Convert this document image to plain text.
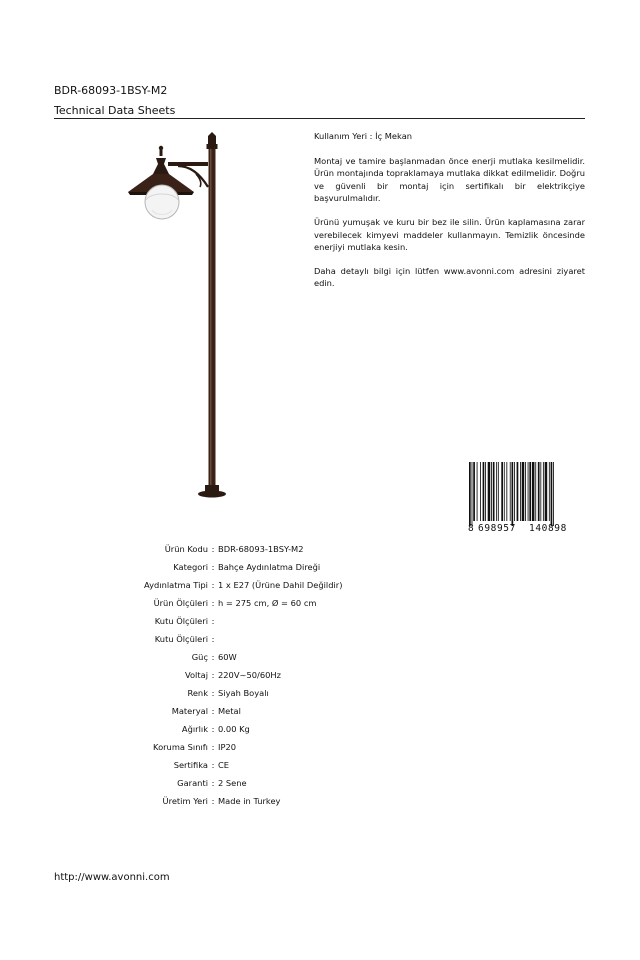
BDR-68093-1BSY-M2
Technical Data Sheets

Kullanım Yeri : İç Mekan

Montaj ve tamire başlanmadan önce enerji mutlaka kesilmelidir. Ürün montajında topraklamaya mutlaka dikkat edilmelidir. Doğru ve güvenli bir montaj için sertifikalı bir elektrikçiye başvurulmalıdır.

Ürünü yumuşak ve kuru bir bez ile silin. Ürün kaplamasına zarar verebilecek kimyevi maddeler kullanmayın. Temizlik öncesinde enerjiyi mutlaka kesin.

Daha detaylı bilgi için lütfen www.avonni.com adresini ziyaret edin.

8 698957 140898
Ürün Kodu : BDR-68093-1BSY-M2
Kategori : Bahçe Aydınlatma Direği
Aydınlatma Tipi : 1 x E27 (Ürüne Dahil Değildir)
Ürün Ölçüleri : h = 275 cm, Ø = 60 cm
Kutu Ölçüleri :
Kutu Ölçüleri :
Güç : 60W
Voltaj : 220V~50/60Hz
Renk : Siyah Boyalı
Materyal : Metal
Ağırlık : 0.00 Kg
Koruma Sınıfı : IP20
Sertifika : CE
Garanti : 2 Sene
Üretim Yeri : Made in Turkey
http://www.avonni.com
